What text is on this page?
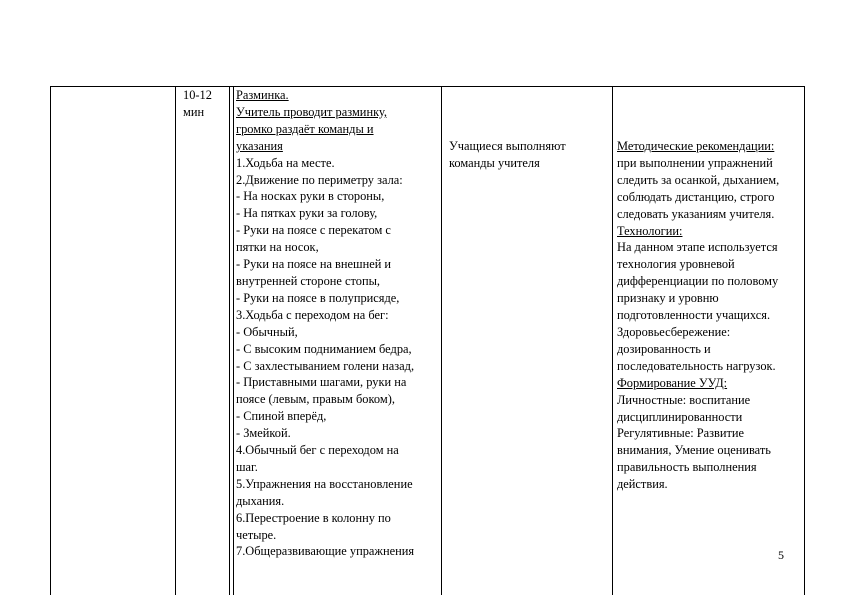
10-12
мин
Разминка.
Учитель проводит разминку,
громко раздаёт команды и
указания
1.Ходьба на месте.
2.Движение по периметру зала:
- На носках руки в стороны,
- На пятках руки за голову,
- Руки на поясе с перекатом с
пятки на носок,
- Руки на поясе на внешней и
внутренней стороне стопы,
- Руки на поясе в полуприсяде,
3.Ходьба с переходом на бег:
- Обычный,
- С высоким подниманием бедра,
- С захлестыванием голени назад,
- Приставными шагами, руки на
поясе (левым, правым боком),
- Спиной вперёд,
- Змейкой.
4.Обычный бег с переходом на
шаг.
5.Упражнения на восстановление
дыхания.
6.Перестроение в колонну по
четыре.
7.Общеразвивающие упражнения
Учащиеся выполняют
команды учителя
Методические рекомендации:
при выполнении упражнений
следить за осанкой, дыханием,
соблюдать дистанцию, строго
следовать указаниям учителя.
Технологии:
На данном этапе используется
технология уровневой
дифференциации по половому
признаку и уровню
подготовленности учащихся.
Здоровьесбережение:
дозированность и
последовательность нагрузок.
Формирование УУД:
Личностные: воспитание
дисциплинированности
Регулятивные: Развитие
внимания, Умение оценивать
правильность выполнения
действия.
5
